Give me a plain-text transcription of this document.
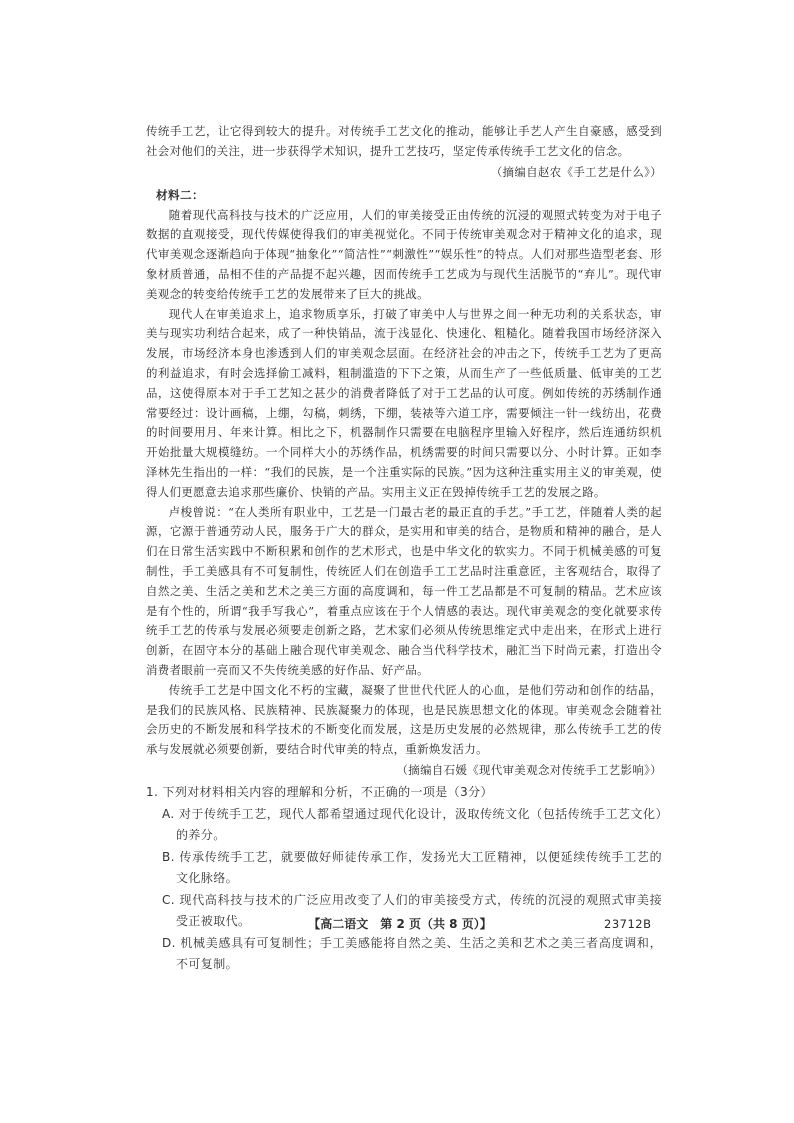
传统手工艺，让它得到较大的提升。对传统手工艺文化的推动，能够让手艺人产生自豪感，感受到社会对他们的关注，进一步获得学术知识，提升工艺技巧，坚定传承传统手工艺文化的信念。

（摘编自赵农《手工艺是什么》）

材料二：

随着现代高科技与技术的广泛应用，人们的审美接受正由传统的沉浸的观照式转变为对于电子数据的直观接受，现代传媒使得我们的审美视觉化。不同于传统审美观念对于精神文化的追求，现代审美观念逐渐趋向于体现“抽象化”“简洁性”“刺激性”“娱乐性”的特点。人们对那些造型老套、形象材质普通，品相不佳的产品提不起兴趣，因而传统手工艺成为与现代生活脱节的“弃儿”。现代审美观念的转变给传统手工艺的发展带来了巨大的挑战。

现代人在审美追求上，追求物质享乐，打破了审美中人与世界之间一种无功利的关系状态，审美与现实功利结合起来，成了一种快销品，流于浅显化、快速化、粗糙化。随着我国市场经济深入发展，市场经济本身也渗透到人们的审美观念层面。在经济社会的冲击之下，传统手工艺为了更高的利益追求，有时会选择偷工减料，粗制滥造的下下之策，从而生产了一些低质量、低审美的工艺品，这使得原本对于手工艺知之甚少的消费者降低了对于工艺品的认可度。例如传统的苏绣制作通常要经过：设计画稿，上绷，勾稿，刺绣，下绷，装裱等六道工序，需要倾注一针一线纺出，花费的时间要用月、年来计算。相比之下，机器制作只需要在电脑程序里输入好程序，然后连通纺织机开始批量大规模缝纺。一个同样大小的苏绣作品，机绣需要的时间只需要以分、小时计算。正如李泽林先生指出的一样：“我们的民族，是一个注重实际的民族。”因为这种注重实用主义的审美观，使得人们更愿意去追求那些廉价、快销的产品。实用主义正在毁掉传统手工艺的发展之路。

卢梭曾说：“在人类所有职业中，工艺是一门最古老的最正直的手艺。”手工艺，伴随着人类的起源，它源于普通劳动人民，服务于广大的群众，是实用和审美的结合，是物质和精神的融合，是人们在日常生活实践中不断积累和创作的艺术形式，也是中华文化的软实力。不同于机械美感的可复制性，手工美感具有不可复制性，传统匠人们在创造手工工艺品时注重意匠，主客观结合，取得了自然之美、生活之美和艺术之美三方面的高度调和，每一件工艺品都是不可复制的精品。艺术应该是有个性的，所谓“我手写我心”，着重点应该在于个人情感的表达。现代审美观念的变化就要求传统手工艺的传承与发展必须要走创新之路，艺术家们必须从传统思维定式中走出来，在形式上进行创新，在固守本分的基础上融合现代审美观念、融合当代科学技术，融汇当下时尚元素，打造出令消费者眼前一亮而又不失传统美感的好作品、好产品。

传统手工艺是中国文化不朽的宝藏，凝聚了世世代代匠人的心血，是他们劳动和创作的结晶，是我们的民族风格、民族精神、民族凝聚力的体现，也是民族思想文化的体现。审美观念会随着社会历史的不断发展和科学技术的不断变化而发展，这是历史发展的必然规律，那么传统手工艺的传承与发展就必须要创新，要结合时代审美的特点，重新焕发活力。

（摘编自石媛《现代审美观念对传统手工艺影响》）

1. 下列对材料相关内容的理解和分析，不正确的一项是（3分）

A. 对于传统手工艺，现代人都希望通过现代化设计，汲取传统文化（包括传统手工艺文化）的养分。

B. 传承传统手工艺，就要做好师徒传承工作，发扬光大工匠精神，以便延续传统手工艺的文化脉络。

C. 现代高科技与技术的广泛应用改变了人们的审美接受方式，传统的沉浸的观照式审美接受正被取代。

D. 机械美感具有可复制性；手工美感能将自然之美、生活之美和艺术之美三者高度调和，不可复制。

【高二语文　第 2 页（共 8 页）】	23712B
